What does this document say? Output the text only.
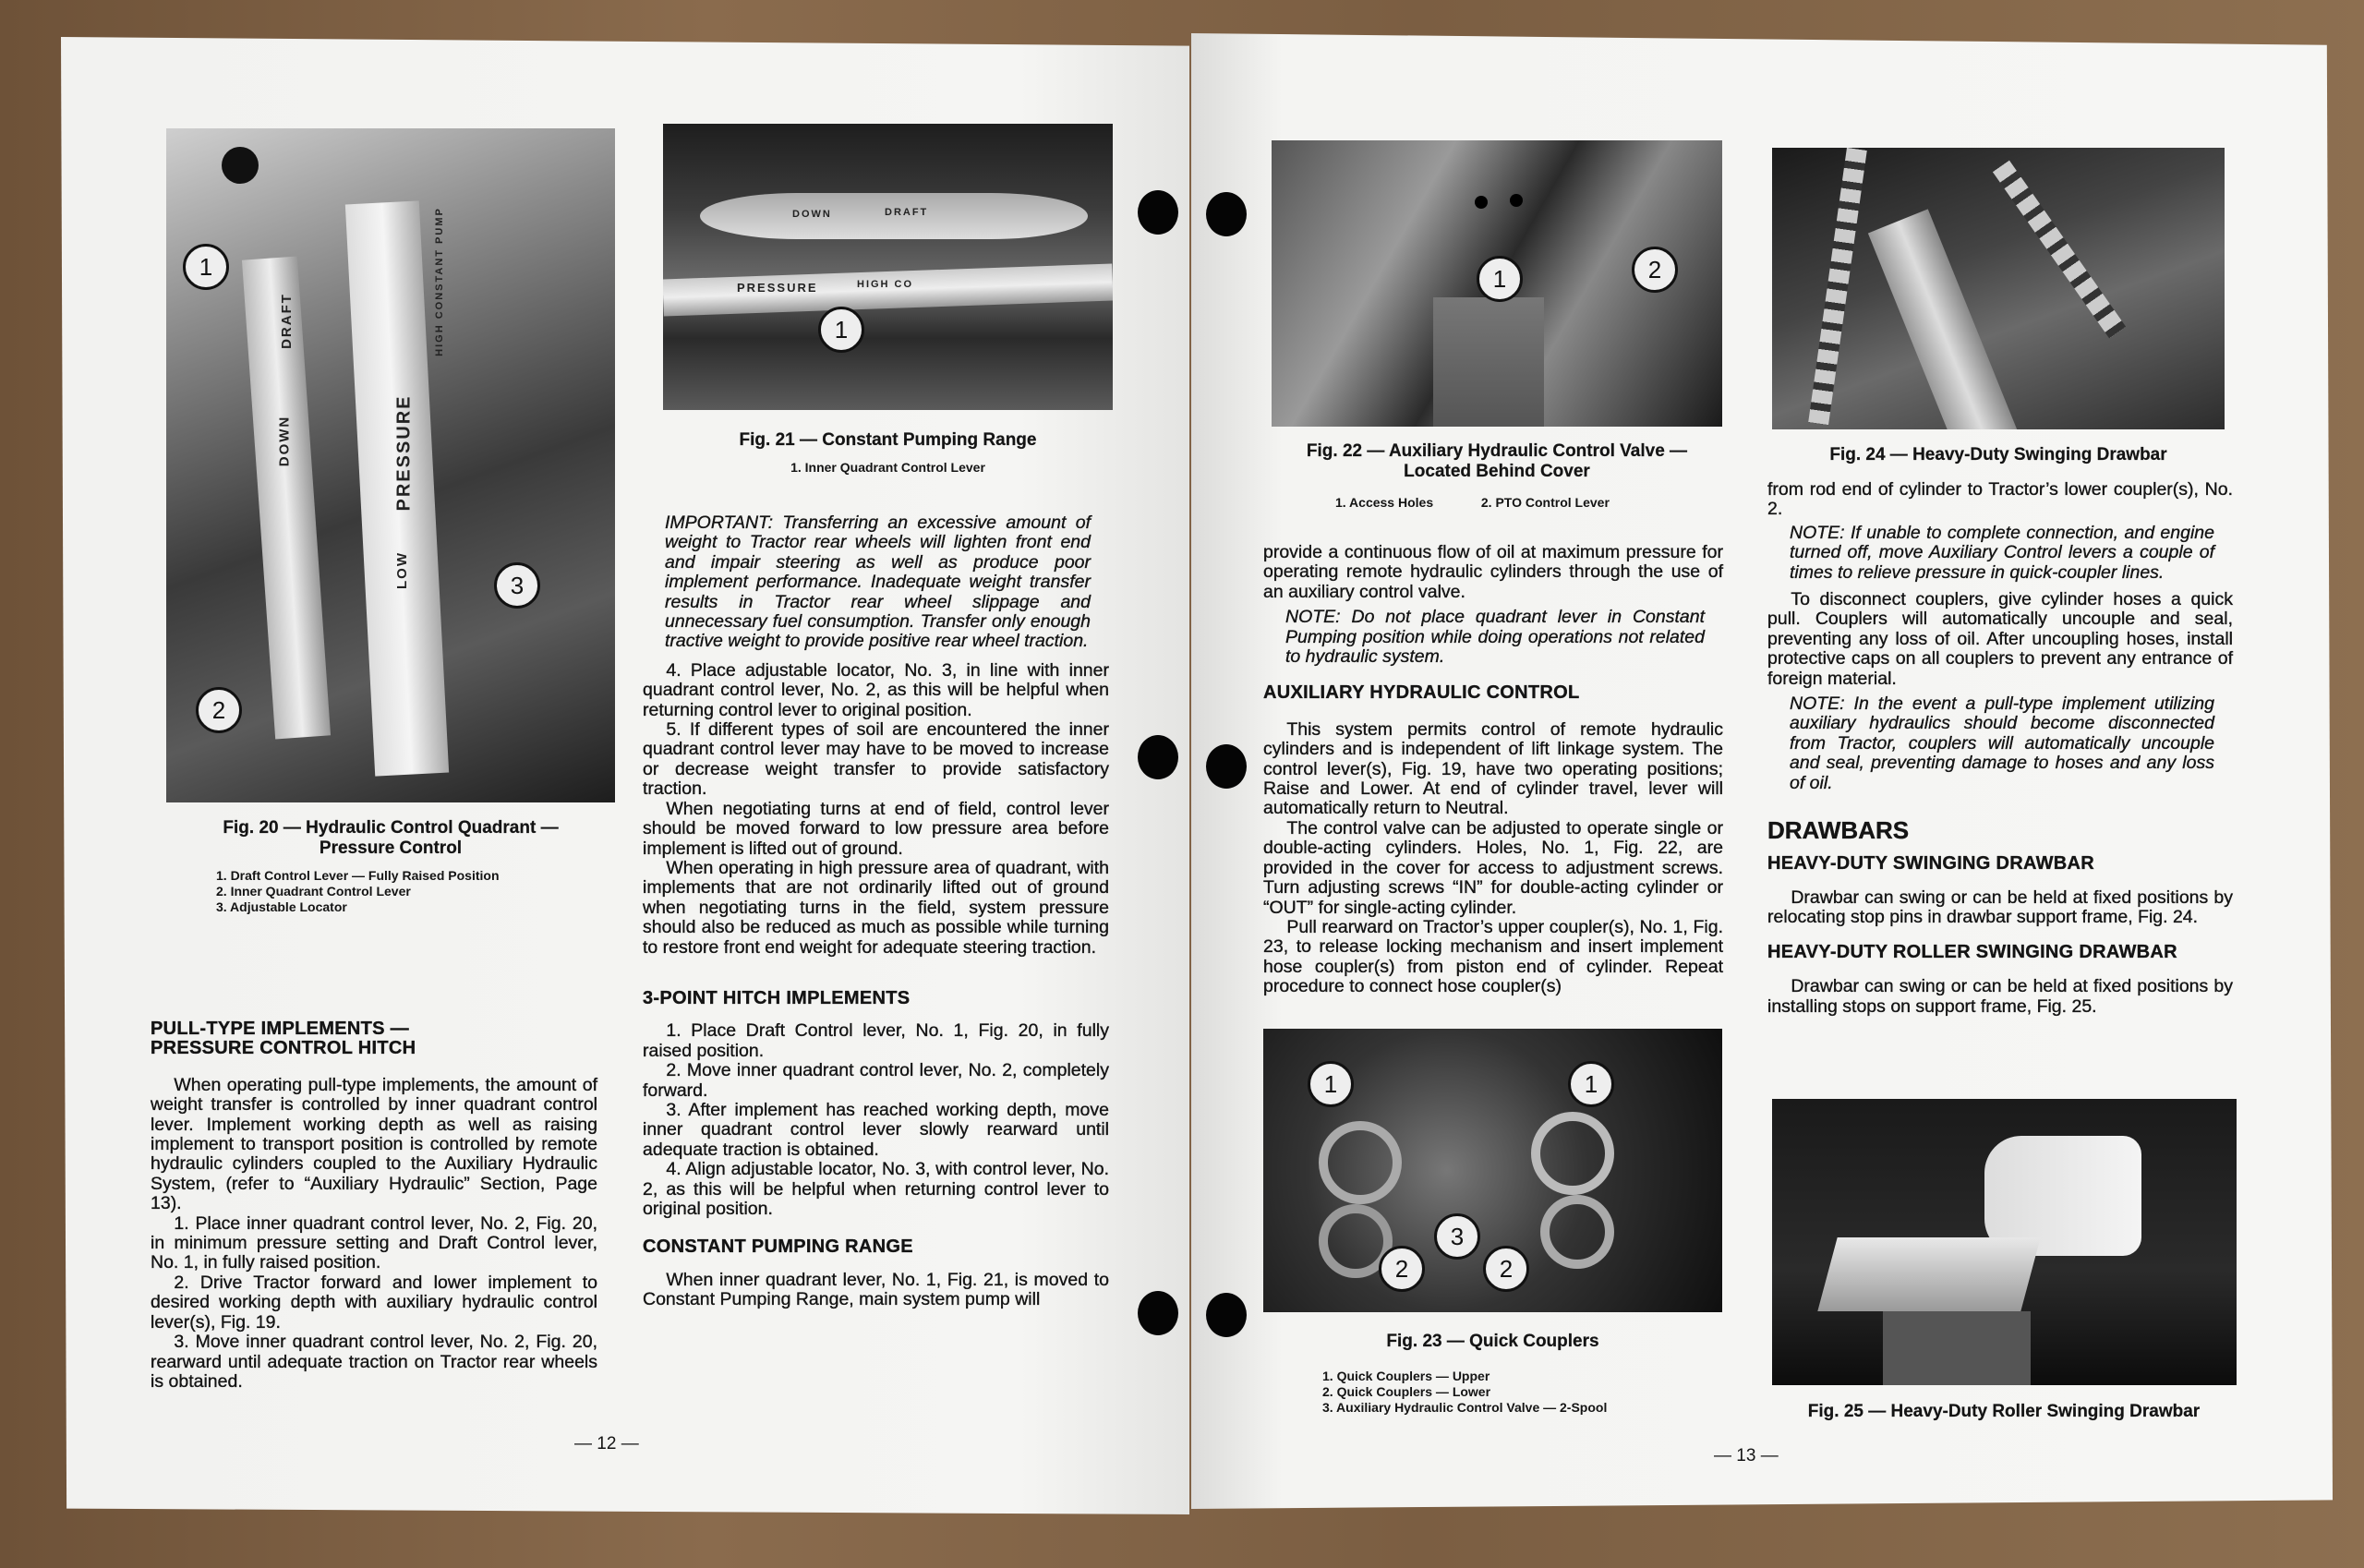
DOWN
DRAFT
PRESSURE
LOW
HIGH CONSTANT PUMP
1
2
3
Fig. 20 — Hydraulic Control Quadrant —
Pressure Control
1. Draft Control Lever — Fully Raised Position
2. Inner Quadrant Control Lever
3. Adjustable Locator
DOWN	DRAFT
PRESSURE	HIGH CO
1
Fig. 21 — Constant Pumping Range
1. Inner Quadrant Control Lever

IMPORTANT: Transferring an excessive amount of weight to Tractor rear wheels will lighten front end and impair steering as well as produce poor implement performance. Inadequate weight transfer results in Tractor rear wheel slippage and unnecessary fuel consumption. Transfer only enough tractive weight to provide positive rear wheel traction.

4. Place adjustable locator, No. 3, in line with inner quadrant control lever, No. 2, as this will be helpful when returning control lever to original position.

5. If different types of soil are encountered the inner quadrant control lever may have to be moved to increase or decrease weight transfer to provide satisfactory traction.

When negotiating turns at end of field, control lever should be moved forward to low pressure area before implement is lifted out of ground.

When operating in high pressure area of quadrant, with implements that are not ordinarily lifted out of ground when negotiating turns in the field, system pressure should also be reduced as much as possible while turning to restore front end weight for adequate steering traction.

3-POINT HITCH IMPLEMENTS

1. Place Draft Control lever, No. 1, Fig. 20, in fully raised position.

2. Move inner quadrant control lever, No. 2, completely forward.

3. After implement has reached working depth, move inner quadrant control lever slowly rearward until adequate traction is obtained.

4. Align adjustable locator, No. 3, with control lever, No. 2, as this will be helpful when returning control lever to original position.

CONSTANT PUMPING RANGE

When inner quadrant lever, No. 1, Fig. 21, is moved to Constant Pumping Range, main system pump will

PULL-TYPE IMPLEMENTS —
PRESSURE CONTROL HITCH

When operating pull-type implements, the amount of weight transfer is controlled by inner quadrant control lever. Implement working depth as well as raising implement to transport position is controlled by remote hydraulic cylinders coupled to the Auxiliary Hydraulic System, (refer to “Auxiliary Hydraulic” Section, Page 13).

1. Place inner quadrant control lever, No. 2, Fig. 20, in minimum pressure setting and Draft Control lever, No. 1, in fully raised position.

2. Drive Tractor forward and lower implement to desired working depth with auxiliary hydraulic control lever(s), Fig. 19.

3. Move inner quadrant control lever, No. 2, Fig. 20, rearward until adequate traction on Tractor rear wheels is obtained.

— 12 —
1	2
Fig. 22 — Auxiliary Hydraulic Control Valve —
Located Behind Cover
1. Access Holes	2. PTO Control Lever

provide a continuous flow of oil at maximum pressure for operating remote hydraulic cylinders through the use of an auxiliary control valve.

NOTE: Do not place quadrant lever in Constant Pumping position while doing operations not related to hydraulic system.

AUXILIARY HYDRAULIC CONTROL

This system permits control of remote hydraulic cylinders and is independent of lift linkage system. The control lever(s), Fig. 19, have two operating positions; Raise and Lower. At end of cylinder travel, lever will automatically return to Neutral.

The control valve can be adjusted to operate single or double-acting cylinders. Holes, No. 1, Fig. 22, are provided in the cover for access to adjustment screws. Turn adjusting screws “IN” for double-acting cylinder or “OUT” for single-acting cylinder.

Pull rearward on Tractor’s upper coupler(s), No. 1, Fig. 23, to release locking mechanism and insert implement hose coupler(s) from piston end of cylinder. Repeat procedure to connect hose coupler(s)

1	1
2	2
3
Fig. 23 — Quick Couplers
1. Quick Couplers — Upper
2. Quick Couplers — Lower
3. Auxiliary Hydraulic Control Valve — 2-Spool
Fig. 24 — Heavy-Duty Swinging Drawbar

from rod end of cylinder to Tractor’s lower coupler(s), No. 2.

NOTE: If unable to complete connection, and engine turned off, move Auxiliary Control levers a couple of times to relieve pressure in quick-coupler lines.

To disconnect couplers, give cylinder hoses a quick pull. Couplers will automatically uncouple and seal, preventing any loss of oil. After uncoupling hoses, install protective caps on all couplers to prevent any entrance of foreign material.

NOTE: In the event a pull-type implement utilizing auxiliary hydraulics should become disconnected from Tractor, couplers will automatically uncouple and seal, preventing damage to hoses and any loss of oil.

DRAWBARS
HEAVY-DUTY SWINGING DRAWBAR

Drawbar can swing or can be held at fixed positions by relocating stop pins in drawbar support frame, Fig. 24.

HEAVY-DUTY ROLLER SWINGING DRAWBAR

Drawbar can swing or can be held at fixed positions by installing stops on support frame, Fig. 25.

Fig. 25 — Heavy-Duty Roller Swinging Drawbar
— 13 —
